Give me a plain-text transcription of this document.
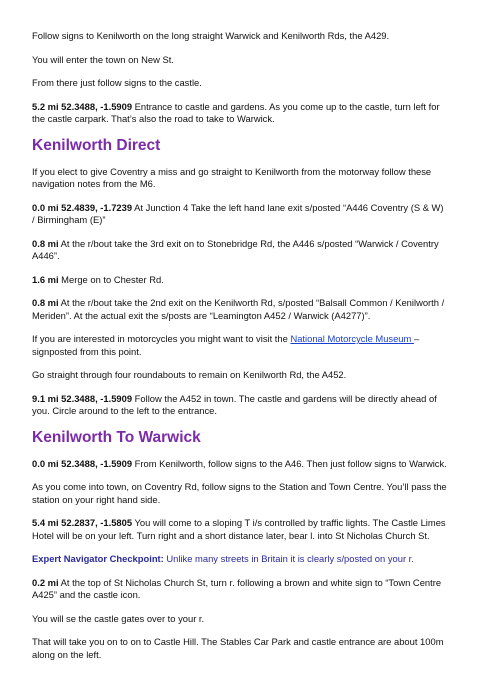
Follow signs to Kenilworth on the long straight Warwick and Kenilworth Rds, the A429.

You will enter the town on New St.

From there just follow signs to the castle.

5.2 mi 52.3488, -1.5909 Entrance to castle and gardens. As you come up to the castle, turn left for the castle carpark. That’s also the road to take to Warwick.

Kenilworth Direct

If you elect to give Coventry a miss and go straight to Kenilworth from the motorway follow these navigation notes from the M6.

0.0 mi 52.4839, -1.7239 At Junction 4 Take the left hand lane exit s/posted “A446 Coventry (S & W) / Birmingham (E)”

0.8 mi At the r/bout take the 3rd exit on to Stonebridge Rd, the A446 s/posted “Warwick / Coventry A446”.

1.6 mi Merge on to Chester Rd.

0.8 mi At the r/bout take the 2nd exit on the Kenilworth Rd, s/posted “Balsall Common / Kenilworth / Meriden”. At the actual exit the s/posts are “Leamington A452 / Warwick (A4277)”.

If you are interested in motorcycles you might want to visit the National Motorcycle Museum – signposted from this point.

Go straight through four roundabouts to remain on Kenilworth Rd, the A452.

9.1 mi 52.3488, -1.5909 Follow the A452 in town. The castle and gardens will be directly ahead of you. Circle around to the left to the entrance.

Kenilworth To Warwick

0.0 mi 52.3488, -1.5909 From Kenilworth, follow signs to the A46. Then just follow signs to Warwick.

As you come into town, on Coventry Rd, follow signs to the Station and Town Centre. You’ll pass the station on your right hand side.

5.4 mi 52.2837, -1.5805 You will come to a sloping T i/s controlled by traffic lights. The Castle Limes Hotel will be on your left. Turn right and a short distance later, bear l. into St Nicholas Church St.

Expert Navigator Checkpoint: Unlike many streets in Britain it is clearly s/posted on your r.

0.2 mi At the top of St Nicholas Church St, turn r. following a brown and white sign to “Town Centre A425” and the castle icon.

You will se the castle gates over to your r.

That will take you on to on to Castle Hill. The Stables Car Park and castle entrance are about 100m along on the left.
